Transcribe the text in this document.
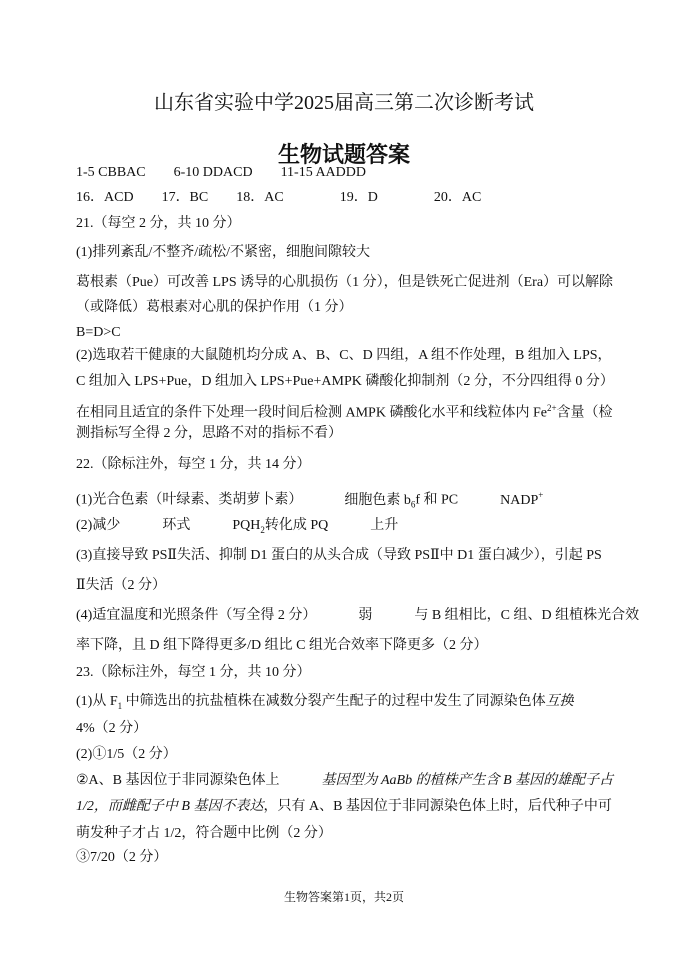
山东省实验中学2025届高三第二次诊断考试
生物试题答案
1-5 CBBAC 6-10 DDACD 11-15 AADDD
16．ACD 17．BC 18．AC	19．D	20．AC
21.（每空 2 分，共 10 分）
(1)排列紊乱/不整齐/疏松/不紧密，细胞间隙较大
葛根素（Pue）可改善 LPS 诱导的心肌损伤（1 分），但是铁死亡促进剂（Era）可以解除
（或降低）葛根素对心肌的保护作用（1 分）
B=D>C
(2)选取若干健康的大鼠随机均分成 A、B、C、D 四组，A 组不作处理，B 组加入 LPS，
C 组加入 LPS+Pue，D 组加入 LPS+Pue+AMPK 磷酸化抑制剂（2 分，不分四组得 0 分）
在相同且适宜的条件下处理一段时间后检测 AMPK 磷酸化水平和线粒体内 $Fe^{2+}$含量（检
测指标写全得 2 分，思路不对的指标不看）
22.（除标注外，每空 1 分，共 14 分）
(1)光合色素（叶绿素、类胡萝卜素）	细胞色素 $b_6f$ 和 PC	NADP+
(2)减少	环式	$PQH_2$转化成 PQ	上升
(3)直接导致 PSⅡ失活、抑制 D1 蛋白的从头合成（导致 PSⅡ中 D1 蛋白减少），引起 PS
Ⅱ失活（2 分）
(4)适宜温度和光照条件（写全得 2 分）	弱	与 B 组相比，C 组、D 组植株光合效
率下降，且 D 组下降得更多/D 组比 C 组光合效率下降更多（2 分）
23.（除标注外，每空 1 分，共 10 分）
(1)从 $F_1$ 中筛选出的抗盐植株在减数分裂产生配子的过程中发生了同源染色体互换
4%（2 分）
(2)①1/5（2 分）
②A、B 基因位于非同源染色体上	基因型为 AaBb 的植株产生含 B 基因的雄配子占
1/2，而雌配子中 B 基因不表达，只有 A、B 基因位于非同源染色体上时，后代种子中可
萌发种子才占 1/2，符合题中比例（2 分）
③7/20（2 分）
生物答案第1页，共2页
